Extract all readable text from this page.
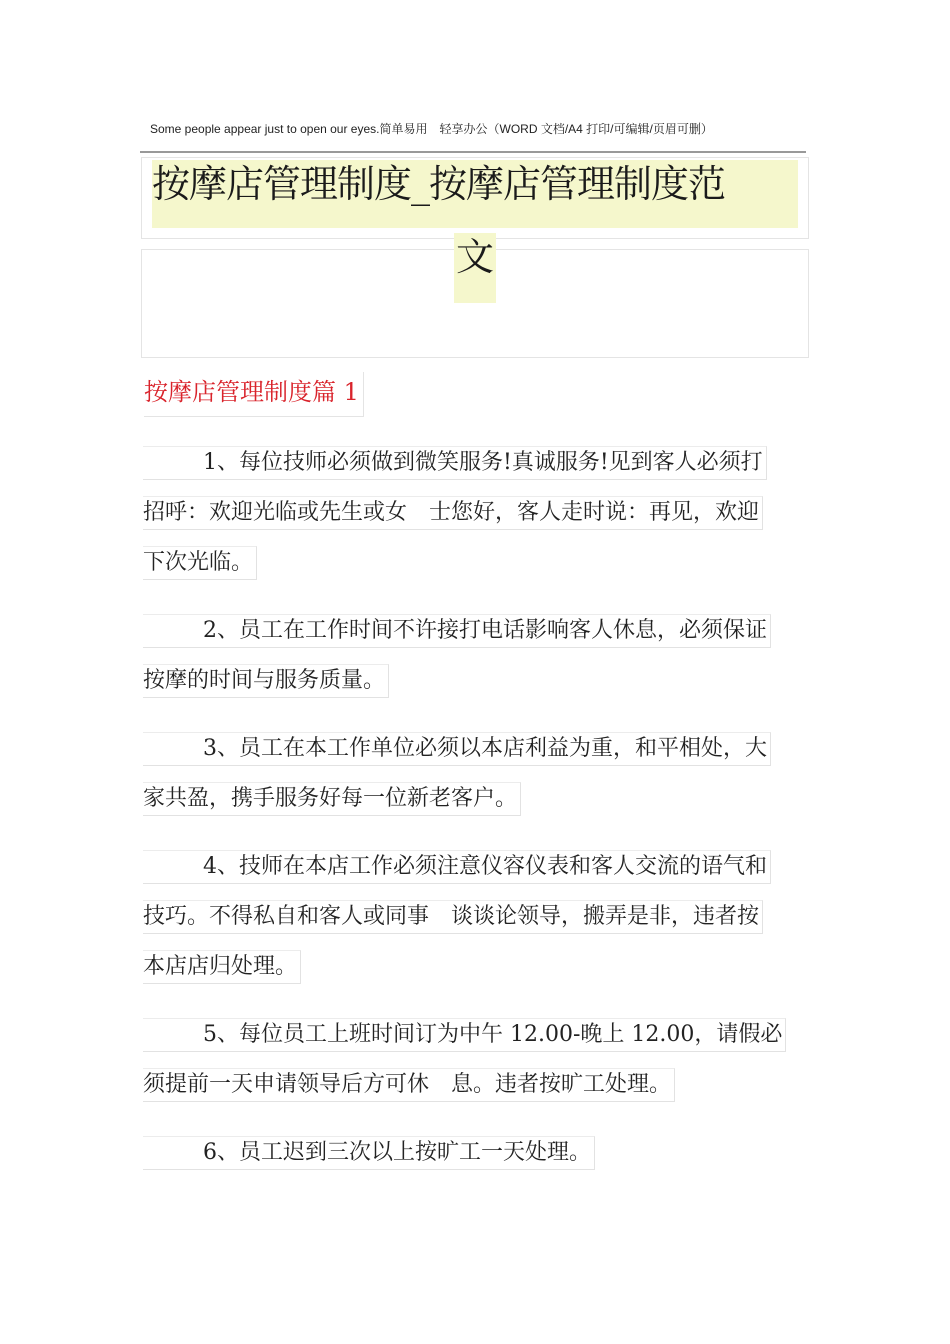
Some people appear just to open our eyes.简单易用　轻享办公（WORD 文档/A4 打印/可编辑/页眉可删）
按摩店管理制度_按摩店管理制度范
文
按摩店管理制度篇 1
1、每位技师必须做到微笑服务!真诚服务!见到客人必须打
招呼：欢迎光临或先生或女　士您好，客人走时说：再见，欢迎
下次光临。
2、员工在工作时间不许接打电话影响客人休息，必须保证
按摩的时间与服务质量。
3、员工在本工作单位必须以本店利益为重，和平相处，大
家共盈，携手服务好每一位新老客户。
4、技师在本店工作必须注意仪容仪表和客人交流的语气和
技巧。不得私自和客人或同事　谈谈论领导，搬弄是非，违者按
本店店归处理。
5、每位员工上班时间订为中午 12.00-晚上 12.00，请假必
须提前一天申请领导后方可休　息。违者按旷工处理。
6、员工迟到三次以上按旷工一天处理。
